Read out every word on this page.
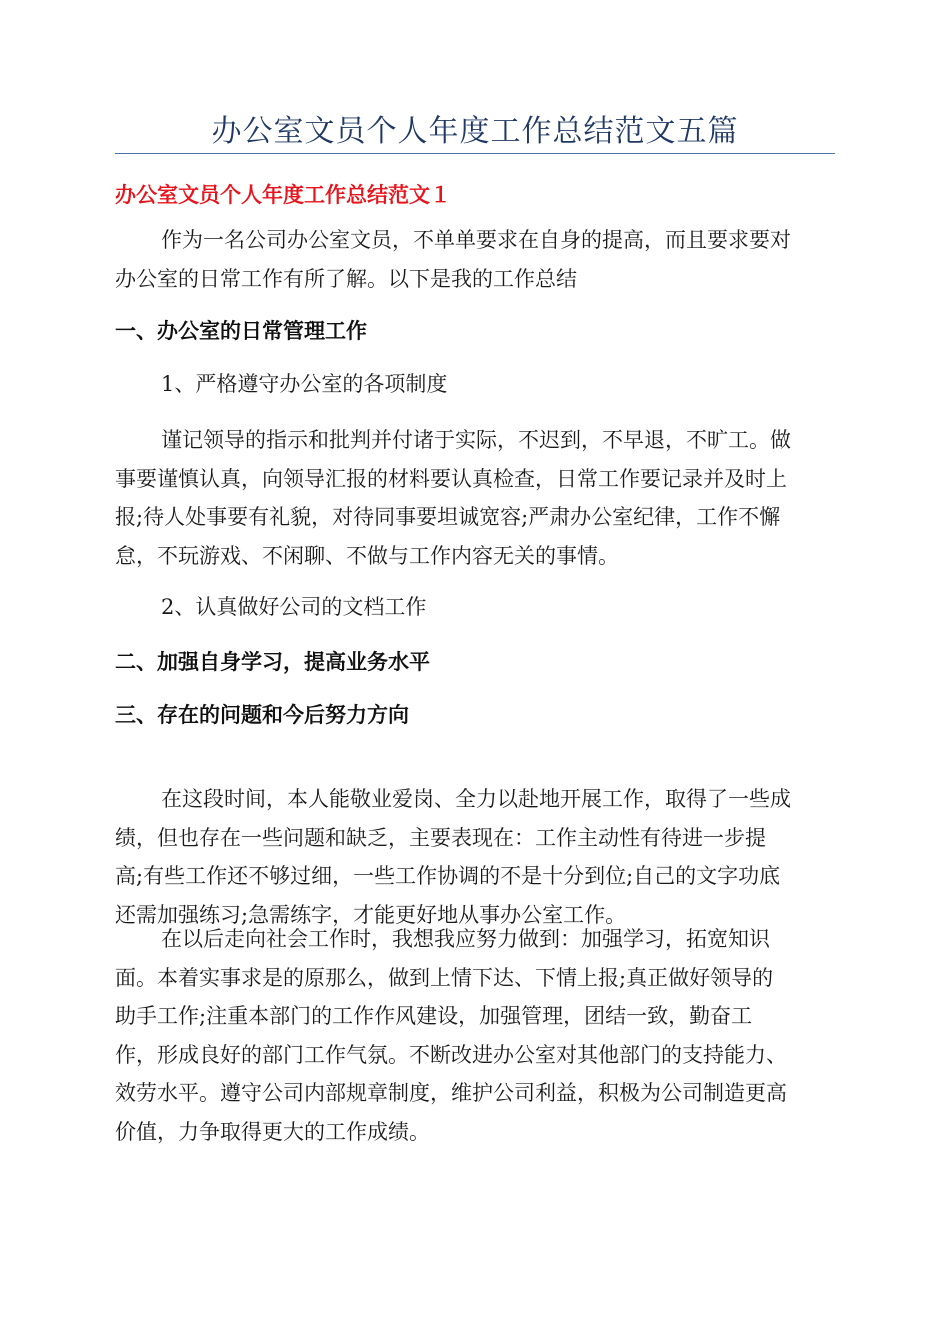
办公室文员个人年度工作总结范文五篇
办公室文员个人年度工作总结范文１
作为一名公司办公室文员，不单单要求在自身的提高，而且要求要对
办公室的日常工作有所了解。以下是我的工作总结
一、办公室的日常管理工作
1、严格遵守办公室的各项制度
谨记领导的指示和批判并付诸于实际，不迟到，不早退，不旷工。做
事要谨慎认真，向领导汇报的材料要认真检查，日常工作要记录并及时上
报;待人处事要有礼貌，对待同事要坦诚宽容;严肃办公室纪律，工作不懈
怠，不玩游戏、不闲聊、不做与工作内容无关的事情。
2、认真做好公司的文档工作
二、加强自身学习，提高业务水平
三、存在的问题和今后努力方向
在这段时间，本人能敬业爱岗、全力以赴地开展工作，取得了一些成
绩，但也存在一些问题和缺乏，主要表现在：工作主动性有待进一步提
高;有些工作还不够过细，一些工作协调的不是十分到位;自己的文字功底
还需加强练习;急需练字，才能更好地从事办公室工作。
在以后走向社会工作时，我想我应努力做到：加强学习，拓宽知识
面。本着实事求是的原那么，做到上情下达、下情上报;真正做好领导的
助手工作;注重本部门的工作作风建设，加强管理，团结一致，勤奋工
作，形成良好的部门工作气氛。不断改进办公室对其他部门的支持能力、
效劳水平。遵守公司内部规章制度，维护公司利益，积极为公司制造更高
价值，力争取得更大的工作成绩。
